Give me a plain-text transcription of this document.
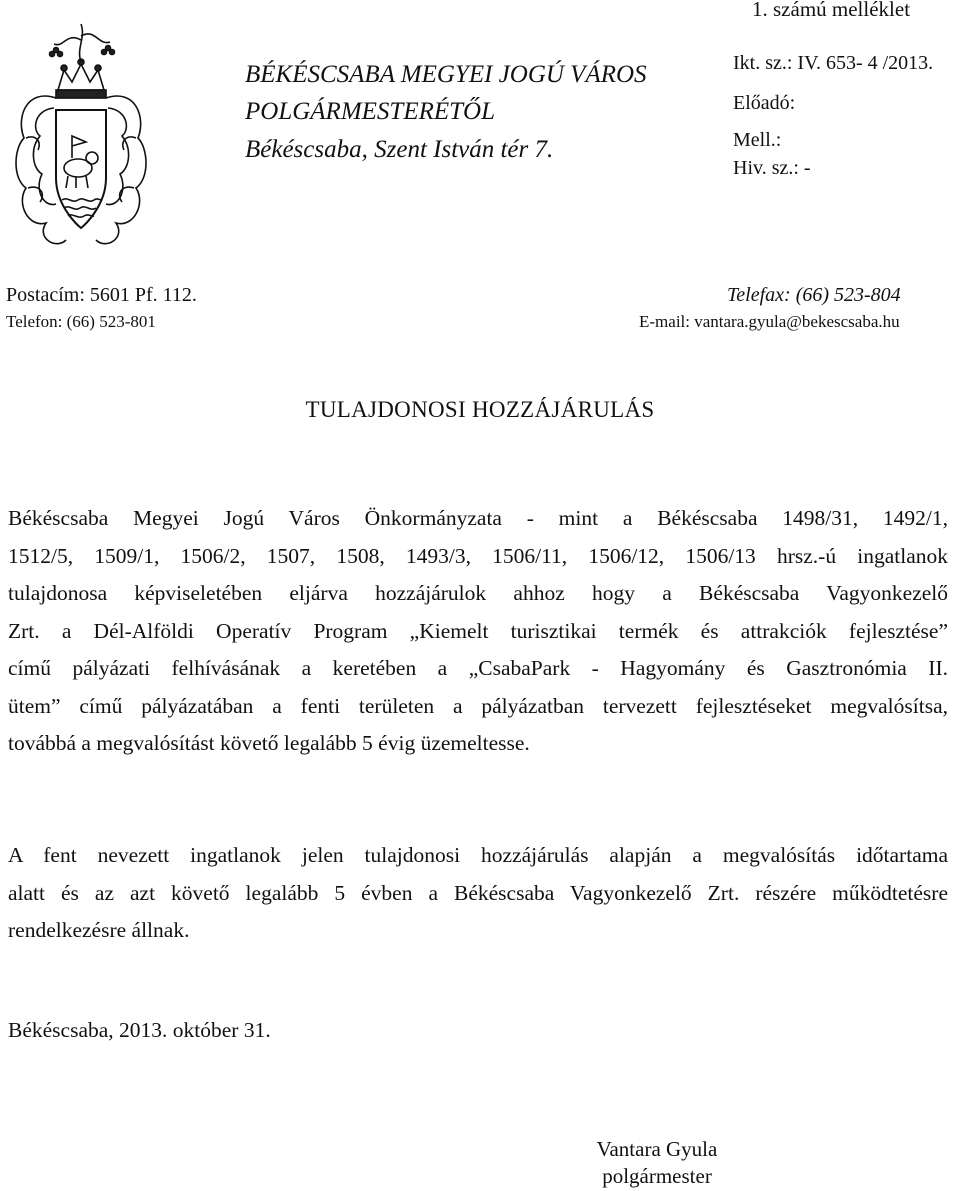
1. számú melléklet
BÉKÉSCSABA MEGYEI JOGÚ VÁROS
POLGÁRMESTERÉTŐL
Békéscsaba, Szent István tér 7.
Ikt. sz.: IV. 653- 4 /2013.
Előadó:
Mell.:
Hiv. sz.: -
Postacím: 5601 Pf. 112.
Telefon: (66) 523-801
Telefax: (66) 523-804
E-mail: vantara.gyula@bekescsaba.hu
TULAJDONOSI HOZZÁJÁRULÁS
Békéscsaba Megyei Jogú Város Önkormányzata - mint a Békéscsaba 1498/31, 1492/1,
1512/5, 1509/1, 1506/2, 1507, 1508, 1493/3, 1506/11, 1506/12, 1506/13 hrsz.-ú ingatlanok
tulajdonosa képviseletében eljárva hozzájárulok ahhoz hogy a Békéscsaba Vagyonkezelő
Zrt. a Dél-Alföldi Operatív Program „Kiemelt turisztikai termék és attrakciók fejlesztése”
című pályázati felhívásának a keretében a „CsabaPark - Hagyomány és Gasztronómia II.
ütem” című pályázatában a fenti területen a pályázatban tervezett fejlesztéseket megvalósítsa,
továbbá a megvalósítást követő legalább 5 évig üzemeltesse.
A fent nevezett ingatlanok jelen tulajdonosi hozzájárulás alapján a megvalósítás időtartama
alatt és az azt követő legalább 5 évben a Békéscsaba Vagyonkezelő Zrt. részére működtetésre
rendelkezésre állnak.
Békéscsaba, 2013. október 31.
Vantara Gyula
polgármester
